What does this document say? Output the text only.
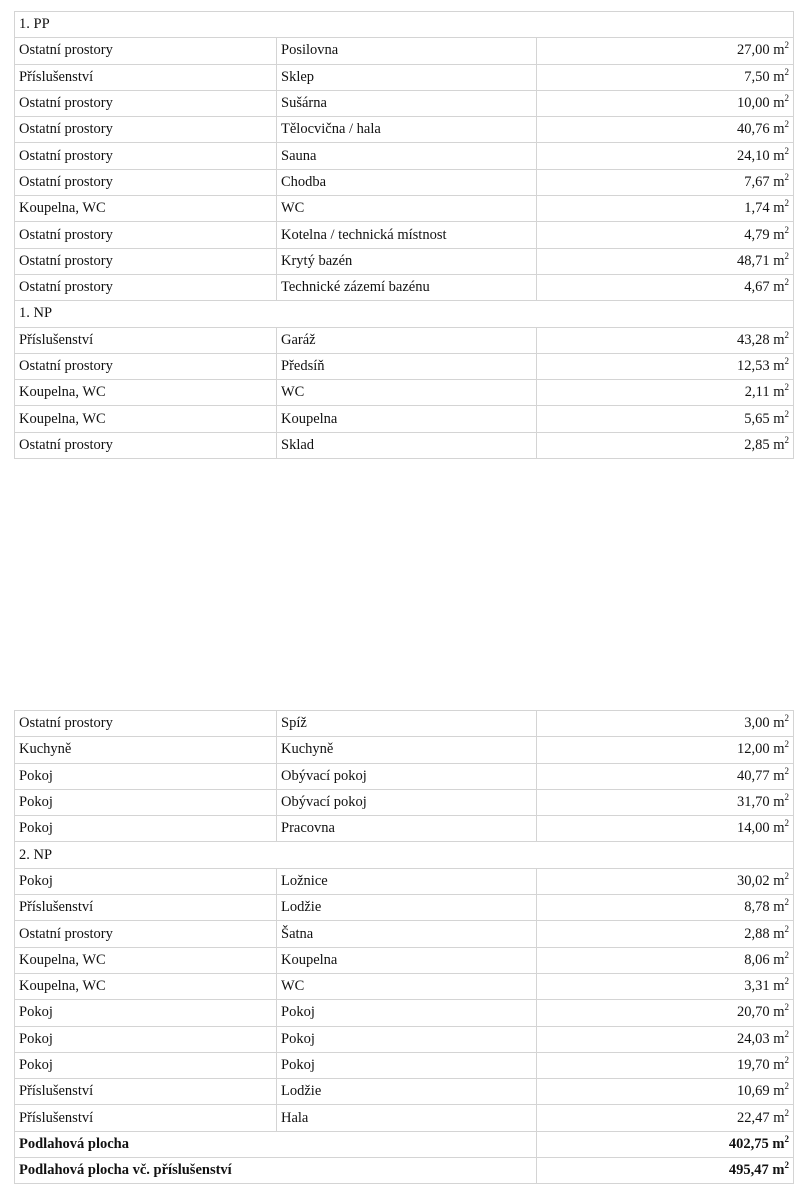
1. PP		
Ostatní prostory	Posilovna	27,00 $m^2$
Příslušenství	Sklep	7,50 $m^2$
Ostatní prostory	Sušárna	10,00 $m^2$
Ostatní prostory	Tělocvična / hala	40,76 $m^2$
Ostatní prostory	Sauna	24,10 $m^2$
Ostatní prostory	Chodba	7,67 $m^2$
Koupelna, WC	WC	1,74 $m^2$
Ostatní prostory	Kotelna / technická místnost	4,79 $m^2$
Ostatní prostory	Krytý bazén	48,71 $m^2$
Ostatní prostory	Technické zázemí bazénu	4,67 $m^2$
1. NP		
Příslušenství	Garáž	43,28 $m^2$
Ostatní prostory	Předsíň	12,53 $m^2$
Koupelna, WC	WC	2,11 $m^2$
Koupelna, WC	Koupelna	5,65 $m^2$
Ostatní prostory	Sklad	2,85 $m^2$
Ostatní prostory	Spíž	3,00 $m^2$
Kuchyně	Kuchyně	12,00 $m^2$
Pokoj	Obývací pokoj	40,77 $m^2$
Pokoj	Obývací pokoj	31,70 $m^2$
Pokoj	Pracovna	14,00 $m^2$
2. NP		
Pokoj	Ložnice	30,02 $m^2$
Příslušenství	Lodžie	8,78 $m^2$
Ostatní prostory	Šatna	2,88 $m^2$
Koupelna, WC	Koupelna	8,06 $m^2$
Koupelna, WC	WC	3,31 $m^2$
Pokoj	Pokoj	20,70 $m^2$
Pokoj	Pokoj	24,03 $m^2$
Pokoj	Pokoj	19,70 $m^2$
Příslušenství	Lodžie	10,69 $m^2$
Příslušenství	Hala	22,47 $m^2$
Podlahová plocha		402,75 $m^2$
Podlahová plocha vč. příslušenství		495,47 $m^2$
